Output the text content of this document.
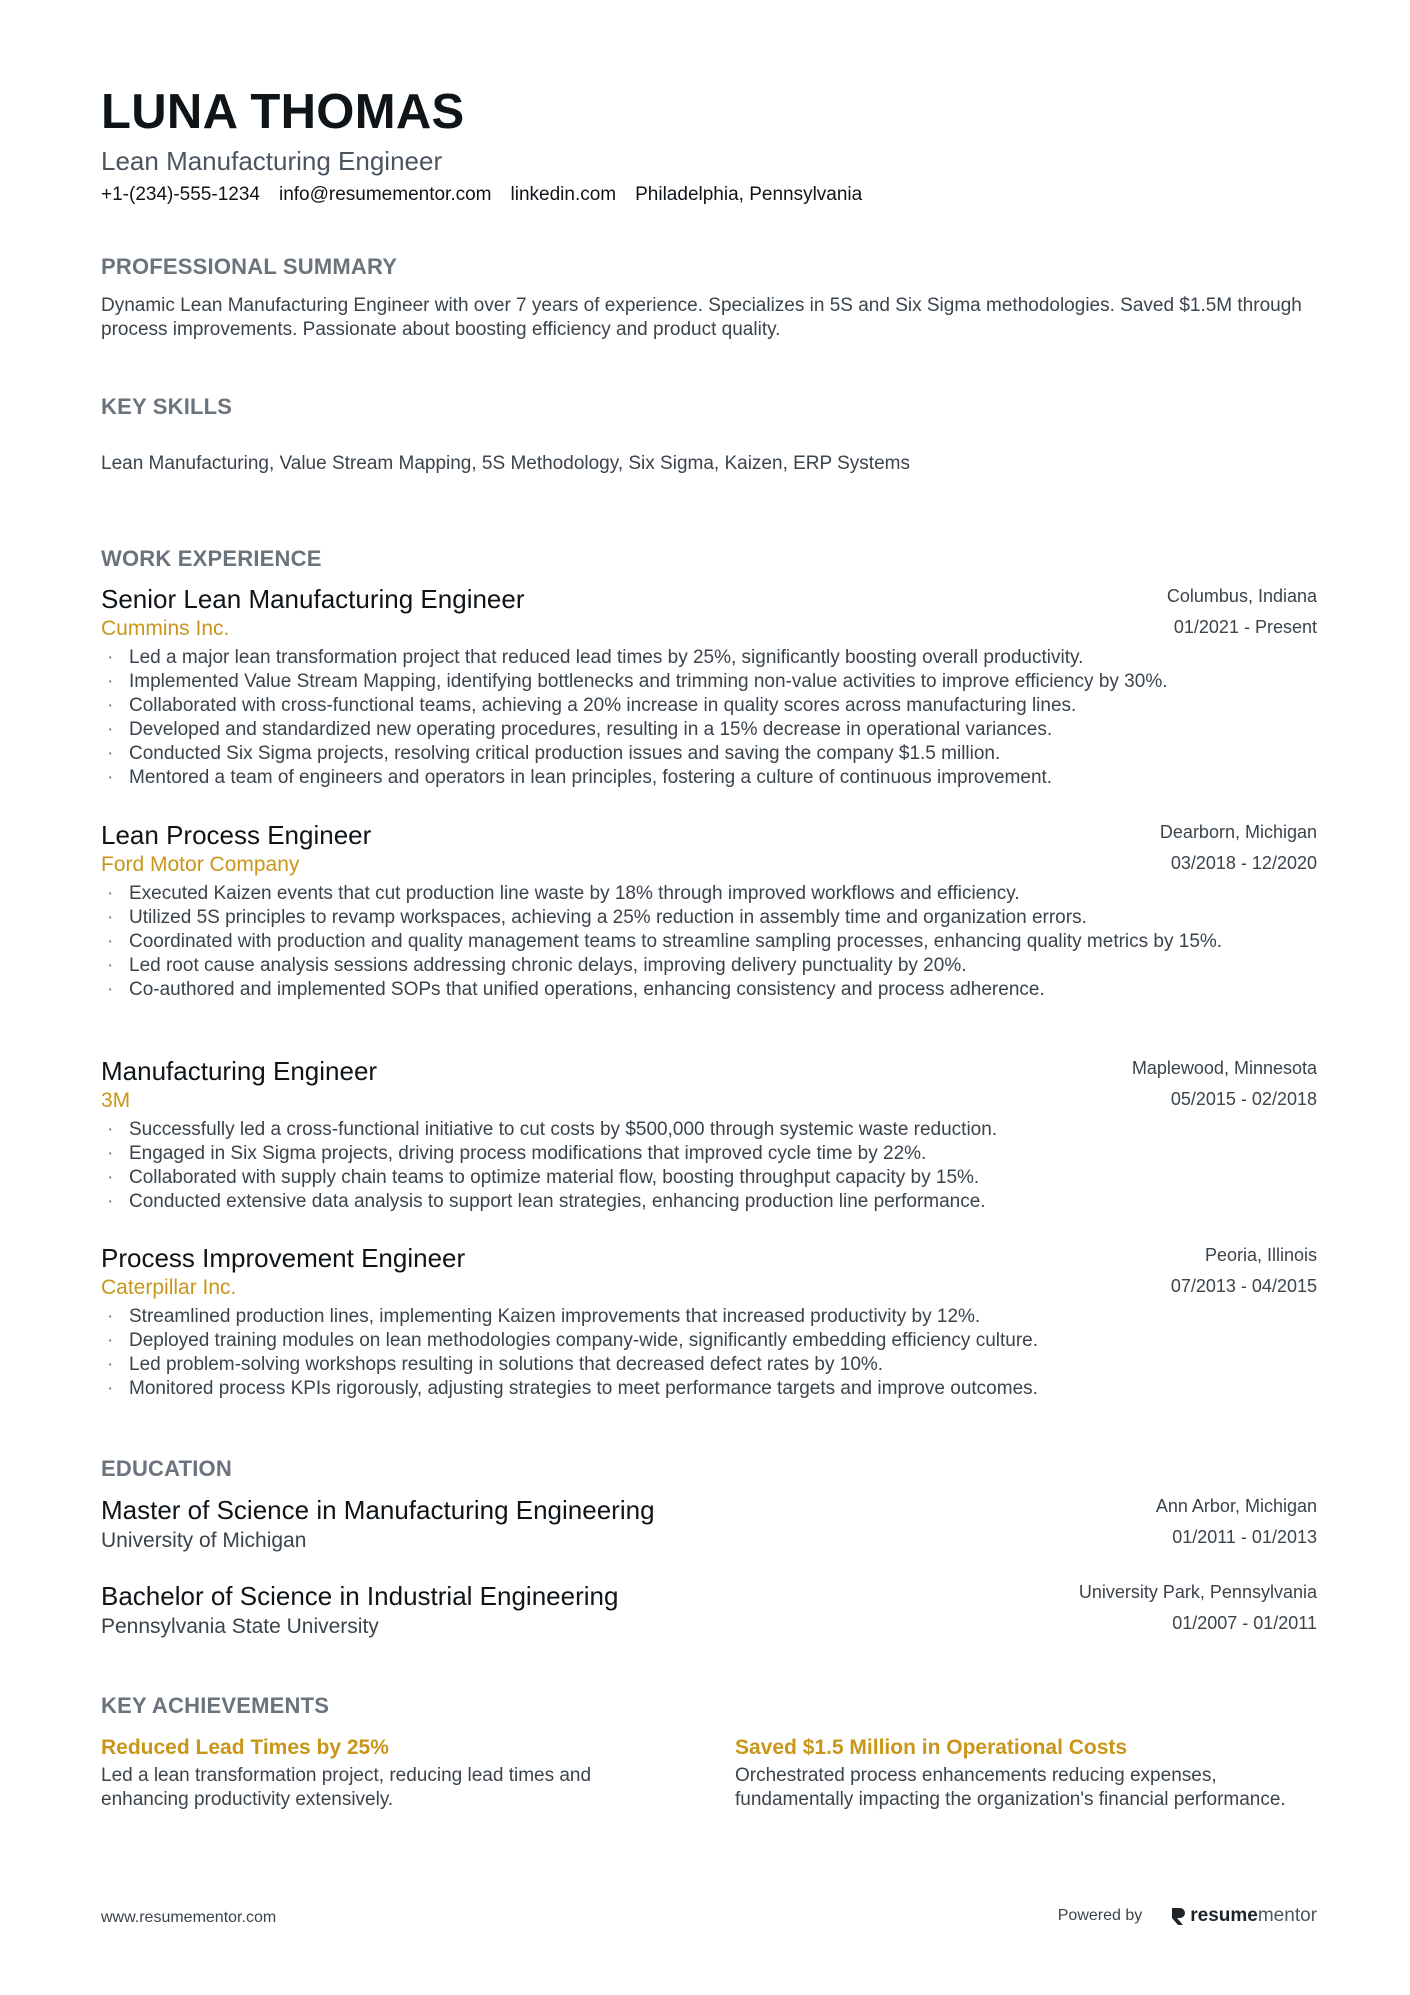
LUNA THOMAS
Lean Manufacturing Engineer
+1-(234)-555-1234 info@resumementor.com linkedin.com Philadelphia, Pennsylvania
PROFESSIONAL SUMMARY
Dynamic Lean Manufacturing Engineer with over 7 years of experience. Specializes in 5S and Six Sigma methodologies. Saved $1.5M through process improvements. Passionate about boosting efficiency and product quality.
KEY SKILLS
Lean Manufacturing, Value Stream Mapping, 5S Methodology, Six Sigma, Kaizen, ERP Systems
WORK EXPERIENCE
Senior Lean Manufacturing Engineer
Cummins Inc.
Columbus, Indiana
01/2021 - Present
· Led a major lean transformation project that reduced lead times by 25%, significantly boosting overall productivity.
· Implemented Value Stream Mapping, identifying bottlenecks and trimming non-value activities to improve efficiency by 30%.
· Collaborated with cross-functional teams, achieving a 20% increase in quality scores across manufacturing lines.
· Developed and standardized new operating procedures, resulting in a 15% decrease in operational variances.
· Conducted Six Sigma projects, resolving critical production issues and saving the company $1.5 million.
· Mentored a team of engineers and operators in lean principles, fostering a culture of continuous improvement.
Lean Process Engineer
Ford Motor Company
Dearborn, Michigan
03/2018 - 12/2020
· Executed Kaizen events that cut production line waste by 18% through improved workflows and efficiency.
· Utilized 5S principles to revamp workspaces, achieving a 25% reduction in assembly time and organization errors.
· Coordinated with production and quality management teams to streamline sampling processes, enhancing quality metrics by 15%.
· Led root cause analysis sessions addressing chronic delays, improving delivery punctuality by 20%.
· Co-authored and implemented SOPs that unified operations, enhancing consistency and process adherence.
Manufacturing Engineer
3M
Maplewood, Minnesota
05/2015 - 02/2018
· Successfully led a cross-functional initiative to cut costs by $500,000 through systemic waste reduction.
· Engaged in Six Sigma projects, driving process modifications that improved cycle time by 22%.
· Collaborated with supply chain teams to optimize material flow, boosting throughput capacity by 15%.
· Conducted extensive data analysis to support lean strategies, enhancing production line performance.
Process Improvement Engineer
Caterpillar Inc.
Peoria, Illinois
07/2013 - 04/2015
· Streamlined production lines, implementing Kaizen improvements that increased productivity by 12%.
· Deployed training modules on lean methodologies company-wide, significantly embedding efficiency culture.
· Led problem-solving workshops resulting in solutions that decreased defect rates by 10%.
· Monitored process KPIs rigorously, adjusting strategies to meet performance targets and improve outcomes.
EDUCATION
Master of Science in Manufacturing Engineering
University of Michigan
Ann Arbor, Michigan
01/2011 - 01/2013
Bachelor of Science in Industrial Engineering
Pennsylvania State University
University Park, Pennsylvania
01/2007 - 01/2011
KEY ACHIEVEMENTS
Reduced Lead Times by 25%
Led a lean transformation project, reducing lead times and enhancing productivity extensively.
Saved $1.5 Million in Operational Costs
Orchestrated process enhancements reducing expenses, fundamentally impacting the organization's financial performance.
www.resumementor.com	Powered by	resumementor
